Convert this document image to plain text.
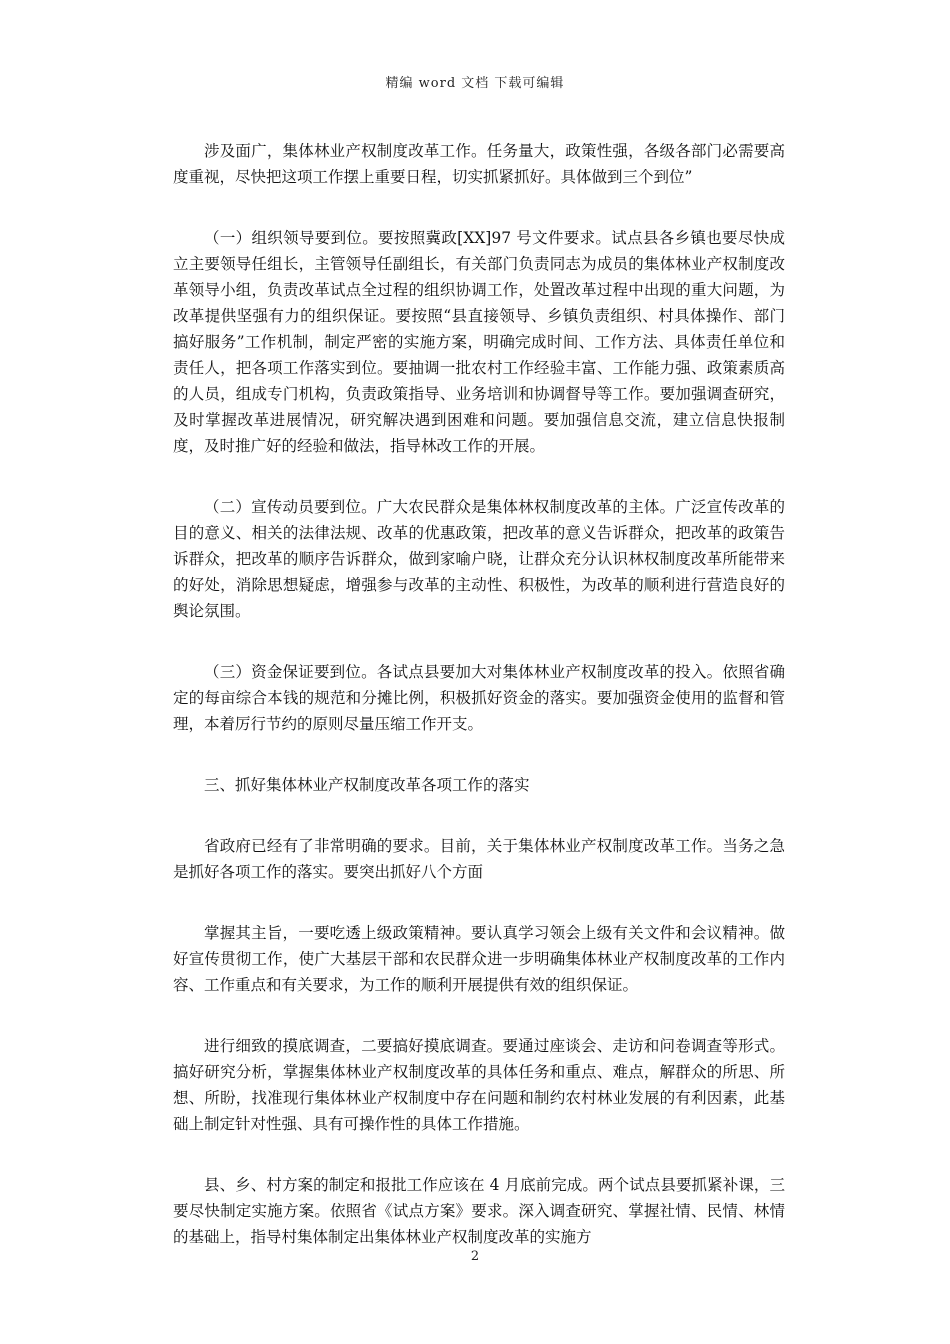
精编 word 文档 下载可编辑

涉及面广，集体林业产权制度改革工作。任务量大，政策性强，各级各部门必需要高度重视，尽快把这项工作摆上重要日程，切实抓紧抓好。具体做到三个到位”

（一）组织领导要到位。要按照冀政[XX]97 号文件要求。试点县各乡镇也要尽快成立主要领导任组长，主管领导任副组长，有关部门负责同志为成员的集体林业产权制度改革领导小组，负责改革试点全过程的组织协调工作，处置改革过程中出现的重大问题，为改革提供坚强有力的组织保证。要按照“县直接领导、乡镇负责组织、村具体操作、部门搞好服务”工作机制，制定严密的实施方案，明确完成时间、工作方法、具体责任单位和责任人，把各项工作落实到位。要抽调一批农村工作经验丰富、工作能力强、政策素质高的人员，组成专门机构，负责政策指导、业务培训和协调督导等工作。要加强调查研究，及时掌握改革进展情况，研究解决遇到困难和问题。要加强信息交流，建立信息快报制度，及时推广好的经验和做法，指导林改工作的开展。

（二）宣传动员要到位。广大农民群众是集体林权制度改革的主体。广泛宣传改革的目的意义、相关的法律法规、改革的优惠政策，把改革的意义告诉群众，把改革的政策告诉群众，把改革的顺序告诉群众，做到家喻户晓，让群众充分认识林权制度改革所能带来的好处，消除思想疑虑，增强参与改革的主动性、积极性，为改革的顺利进行营造良好的舆论氛围。

（三）资金保证要到位。各试点县要加大对集体林业产权制度改革的投入。依照省确定的每亩综合本钱的规范和分摊比例，积极抓好资金的落实。要加强资金使用的监督和管理，本着厉行节约的原则尽量压缩工作开支。

三、抓好集体林业产权制度改革各项工作的落实

省政府已经有了非常明确的要求。目前，关于集体林业产权制度改革工作。当务之急是抓好各项工作的落实。要突出抓好八个方面

掌握其主旨，一要吃透上级政策精神。要认真学习领会上级有关文件和会议精神。做好宣传贯彻工作，使广大基层干部和农民群众进一步明确集体林业产权制度改革的工作内容、工作重点和有关要求，为工作的顺利开展提供有效的组织保证。

进行细致的摸底调查，二要搞好摸底调查。要通过座谈会、走访和问卷调查等形式。搞好研究分析，掌握集体林业产权制度改革的具体任务和重点、难点，解群众的所思、所想、所盼，找准现行集体林业产权制度中存在问题和制约农村林业发展的有利因素，此基础上制定针对性强、具有可操作性的具体工作措施。

县、乡、村方案的制定和报批工作应该在 4 月底前完成。两个试点县要抓紧补课，三要尽快制定实施方案。依照省《试点方案》要求。深入调查研究、掌握社情、民情、林情的基础上，指导村集体制定出集体林业产权制度改革的实施方

2
